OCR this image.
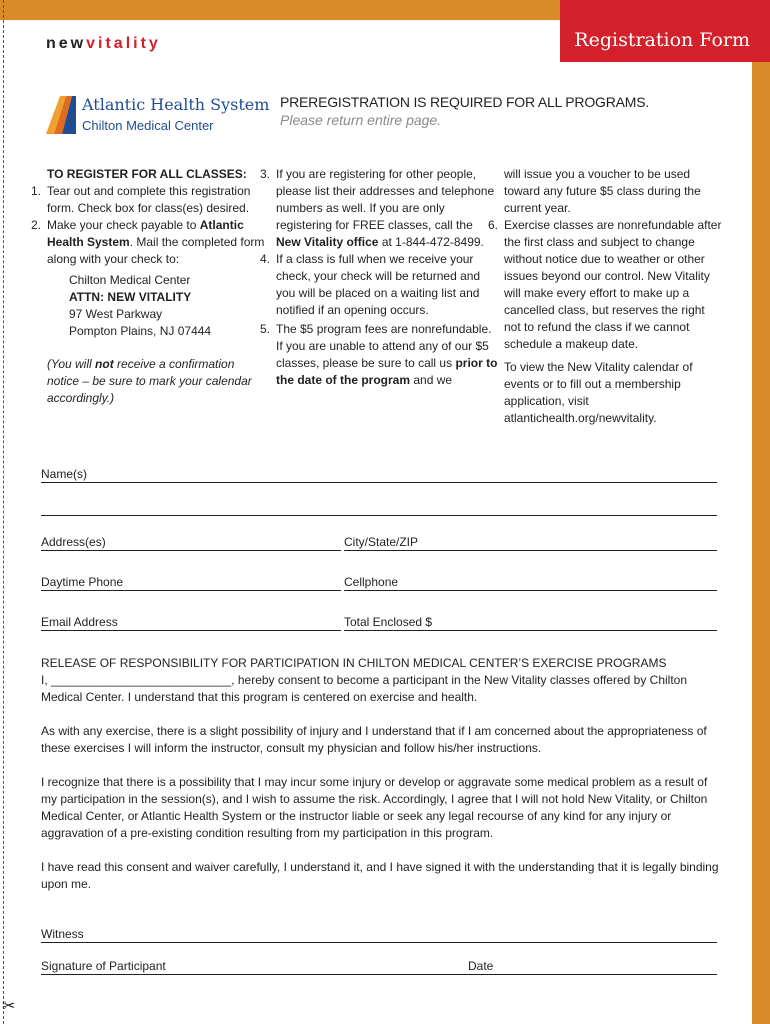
Registration Form
✂
newvitality
Atlantic Health System
Chilton Medical Center
PREREGISTRATION IS REQUIRED FOR ALL PROGRAMS.
Please return entire page.

TO REGISTER FOR ALL CLASSES:

1. Tear out and complete this registration form. Check box for class(es) desired.

2. Make your check payable to Atlantic Health System. Mail the completed form along with your check to:

Chilton Medical Center

ATTN: NEW VITALITY

97 West Parkway

Pompton Plains, NJ 07444

(You will not receive a confirmation notice – be sure to mark your calendar accordingly.)

3. If you are registering for other people, please list their addresses and telephone numbers as well. If you are only registering for FREE classes, call the New Vitality office at 1-844-472-8499.

4. If a class is full when we receive your check, your check will be returned and you will be placed on a waiting list and notified if an opening occurs.

5. The $5 program fees are nonrefundable. If you are unable to attend any of our $5 classes, please be sure to call us prior to the date of the program and we

will issue you a voucher to be used toward any future $5 class during the current year.

6. Exercise classes are nonrefundable after the first class and subject to change without notice due to weather or other issues beyond our control. New Vitality will make every effort to make up a cancelled class, but reserves the right not to refund the class if we cannot schedule a makeup date.

To view the New Vitality calendar of events or to fill out a membership application, visit atlantichealth.org/newvitality.

Name(s)
Address(es)	City/State/ZIP
Daytime Phone	Cellphone
Email Address	Total Enclosed $
RELEASE OF RESPONSIBILITY FOR PARTICIPATION IN CHILTON MEDICAL CENTER’S EXERCISE PROGRAMS
I, ___________________________, hereby consent to become a participant in the New Vitality classes offered by Chilton Medical Center. I understand that this program is centered on exercise and health.
As with any exercise, there is a slight possibility of injury and I understand that if I am concerned about the appropriateness of these exercises I will inform the instructor, consult my physician and follow his/her instructions.
I recognize that there is a possibility that I may incur some injury or develop or aggravate some medical problem as a result of my participation in the session(s), and I wish to assume the risk. Accordingly, I agree that I will not hold New Vitality, or Chilton Medical Center, or Atlantic Health System or the instructor liable or seek any legal recourse of any kind for any injury or aggravation of a pre-existing condition resulting from my participation in this program.
I have read this consent and waiver carefully, I understand it, and I have signed it with the understanding that it is legally binding upon me.
Witness
Signature of Participant	Date
